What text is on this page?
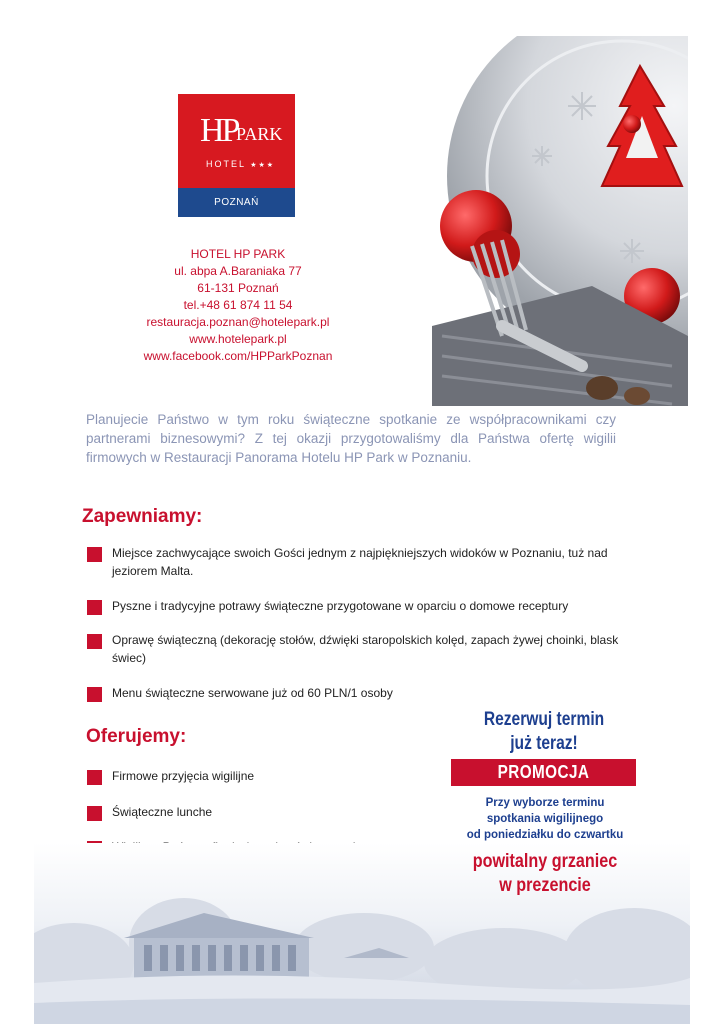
HP
PARK
HOTEL ★★★
POZNAŃ
HOTEL HP PARK
ul. abpa A.Baraniaka 77
61-131 Poznań
tel.+48 61 874 11 54
restauracja.poznan@hotelepark.pl
www.hotelepark.pl
www.facebook.com/HPParkPoznan
Planujecie Państwo w tym roku świąteczne spotkanie ze współpracownikami czy partnerami biznesowymi? Z tej okazji przygotowaliśmy dla Państwa ofertę wigilii firmowych w Restauracji Panorama Hotelu HP Park w Poznaniu.
Zapewniamy:
Miejsce zachwycające swoich Gości jednym z najpiękniejszych widoków w Poznaniu, tuż nad jeziorem Malta.
Pyszne i tradycyjne potrawy świąteczne przygotowane w oparciu o domowe receptury
Oprawę świąteczną (dekorację stołów, dźwięki staropolskich kolęd, zapach żywej choinki, blask świec)
Menu świąteczne serwowane już od 60 PLN/1 osoby
Oferujemy:
Firmowe przyjęcia wigilijne
Świąteczne lunche
Rezerwuj termin
już teraz!
PROMOCJA
Przy wyborze terminu
spotkania wigilijnego
od poniedziałku do czwartku
powitalny grzaniec
w prezencie
